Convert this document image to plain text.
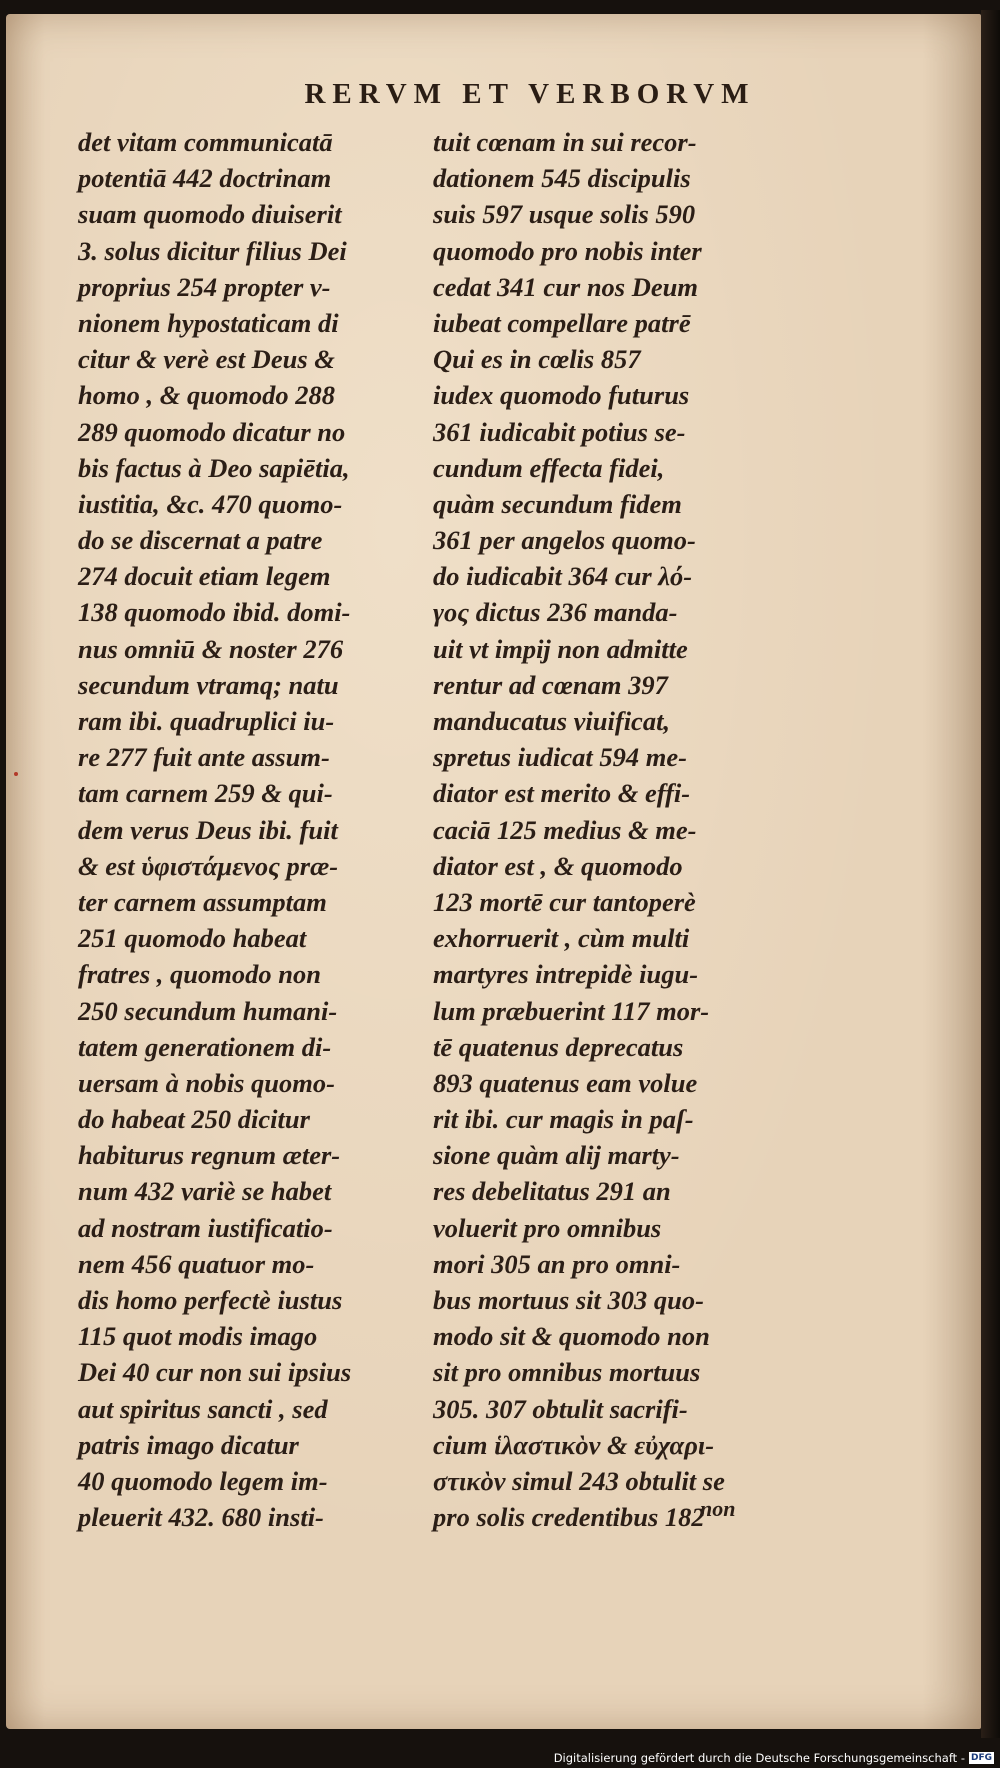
RERVM ET VERBORVM
det vitam communicatā
potentiā 442 doctrinam
suam quomodo diuiserit
3. solus dicitur filius Dei
proprius 254 propter v-
nionem hypostaticam di
citur & verè est Deus &
homo , & quomodo 288
289 quomodo dicatur no
bis factus à Deo sapiētia,
iustitia, &c. 470 quomo-
do se discernat a patre
274 docuit etiam legem
138 quomodo ibid. domi-
nus omniū & noster 276
secundum vtramq; natu
ram ibi. quadruplici iu-
re 277 fuit ante assum-
tam carnem 259 & qui-
dem verus Deus ibi. fuit
& est ὑφιστάμενος præ-
ter carnem assumptam
251 quomodo habeat
fratres , quomodo non
250 secundum humani-
tatem generationem di-
uersam à nobis quomo-
do habeat 250 dicitur
habiturus regnum æter-
num 432 variè se habet
ad nostram iustificatio-
nem 456 quatuor mo-
dis homo perfectè iustus
115 quot modis imago
Dei 40 cur non sui ipsius
aut spiritus sancti , sed
patris imago dicatur
40 quomodo legem im-
pleuerit 432. 680 insti-
tuit cœnam in sui recor-
dationem 545 discipulis
suis 597 usque solis 590
quomodo pro nobis inter
cedat 341 cur nos Deum
iubeat compellare patrē
Qui es in cœlis 857
iudex quomodo futurus
361 iudicabit potius se-
cundum effecta fidei,
quàm secundum fidem
361 per angelos quomo-
do iudicabit 364 cur λό-
γος dictus 236 manda-
uit vt impij non admitte
rentur ad cœnam 397
manducatus viuificat,
spretus iudicat 594 me-
diator est merito & effi-
caciā 125 medius & me-
diator est , & quomodo
123 mortē cur tantoperè
exhorruerit , cùm multi
martyres intrepidè iugu-
lum præbuerint 117 mor-
tē quatenus deprecatus
893 quatenus eam volue
rit ibi. cur magis in paſ-
sione quàm alij marty-
res debelitatus 291 an
voluerit pro omnibus
mori 305 an pro omni-
bus mortuus sit 303 quo-
modo sit & quomodo non
sit pro omnibus mortuus
305. 307 obtulit sacrifi-
cium ἱλαστικὸν & εὐχαρι-
στικὸν simul 243 obtulit se
pro solis credentibus 182
non
Digitalisierung gefördert durch die Deutsche Forschungsgemeinschaft - DFG
